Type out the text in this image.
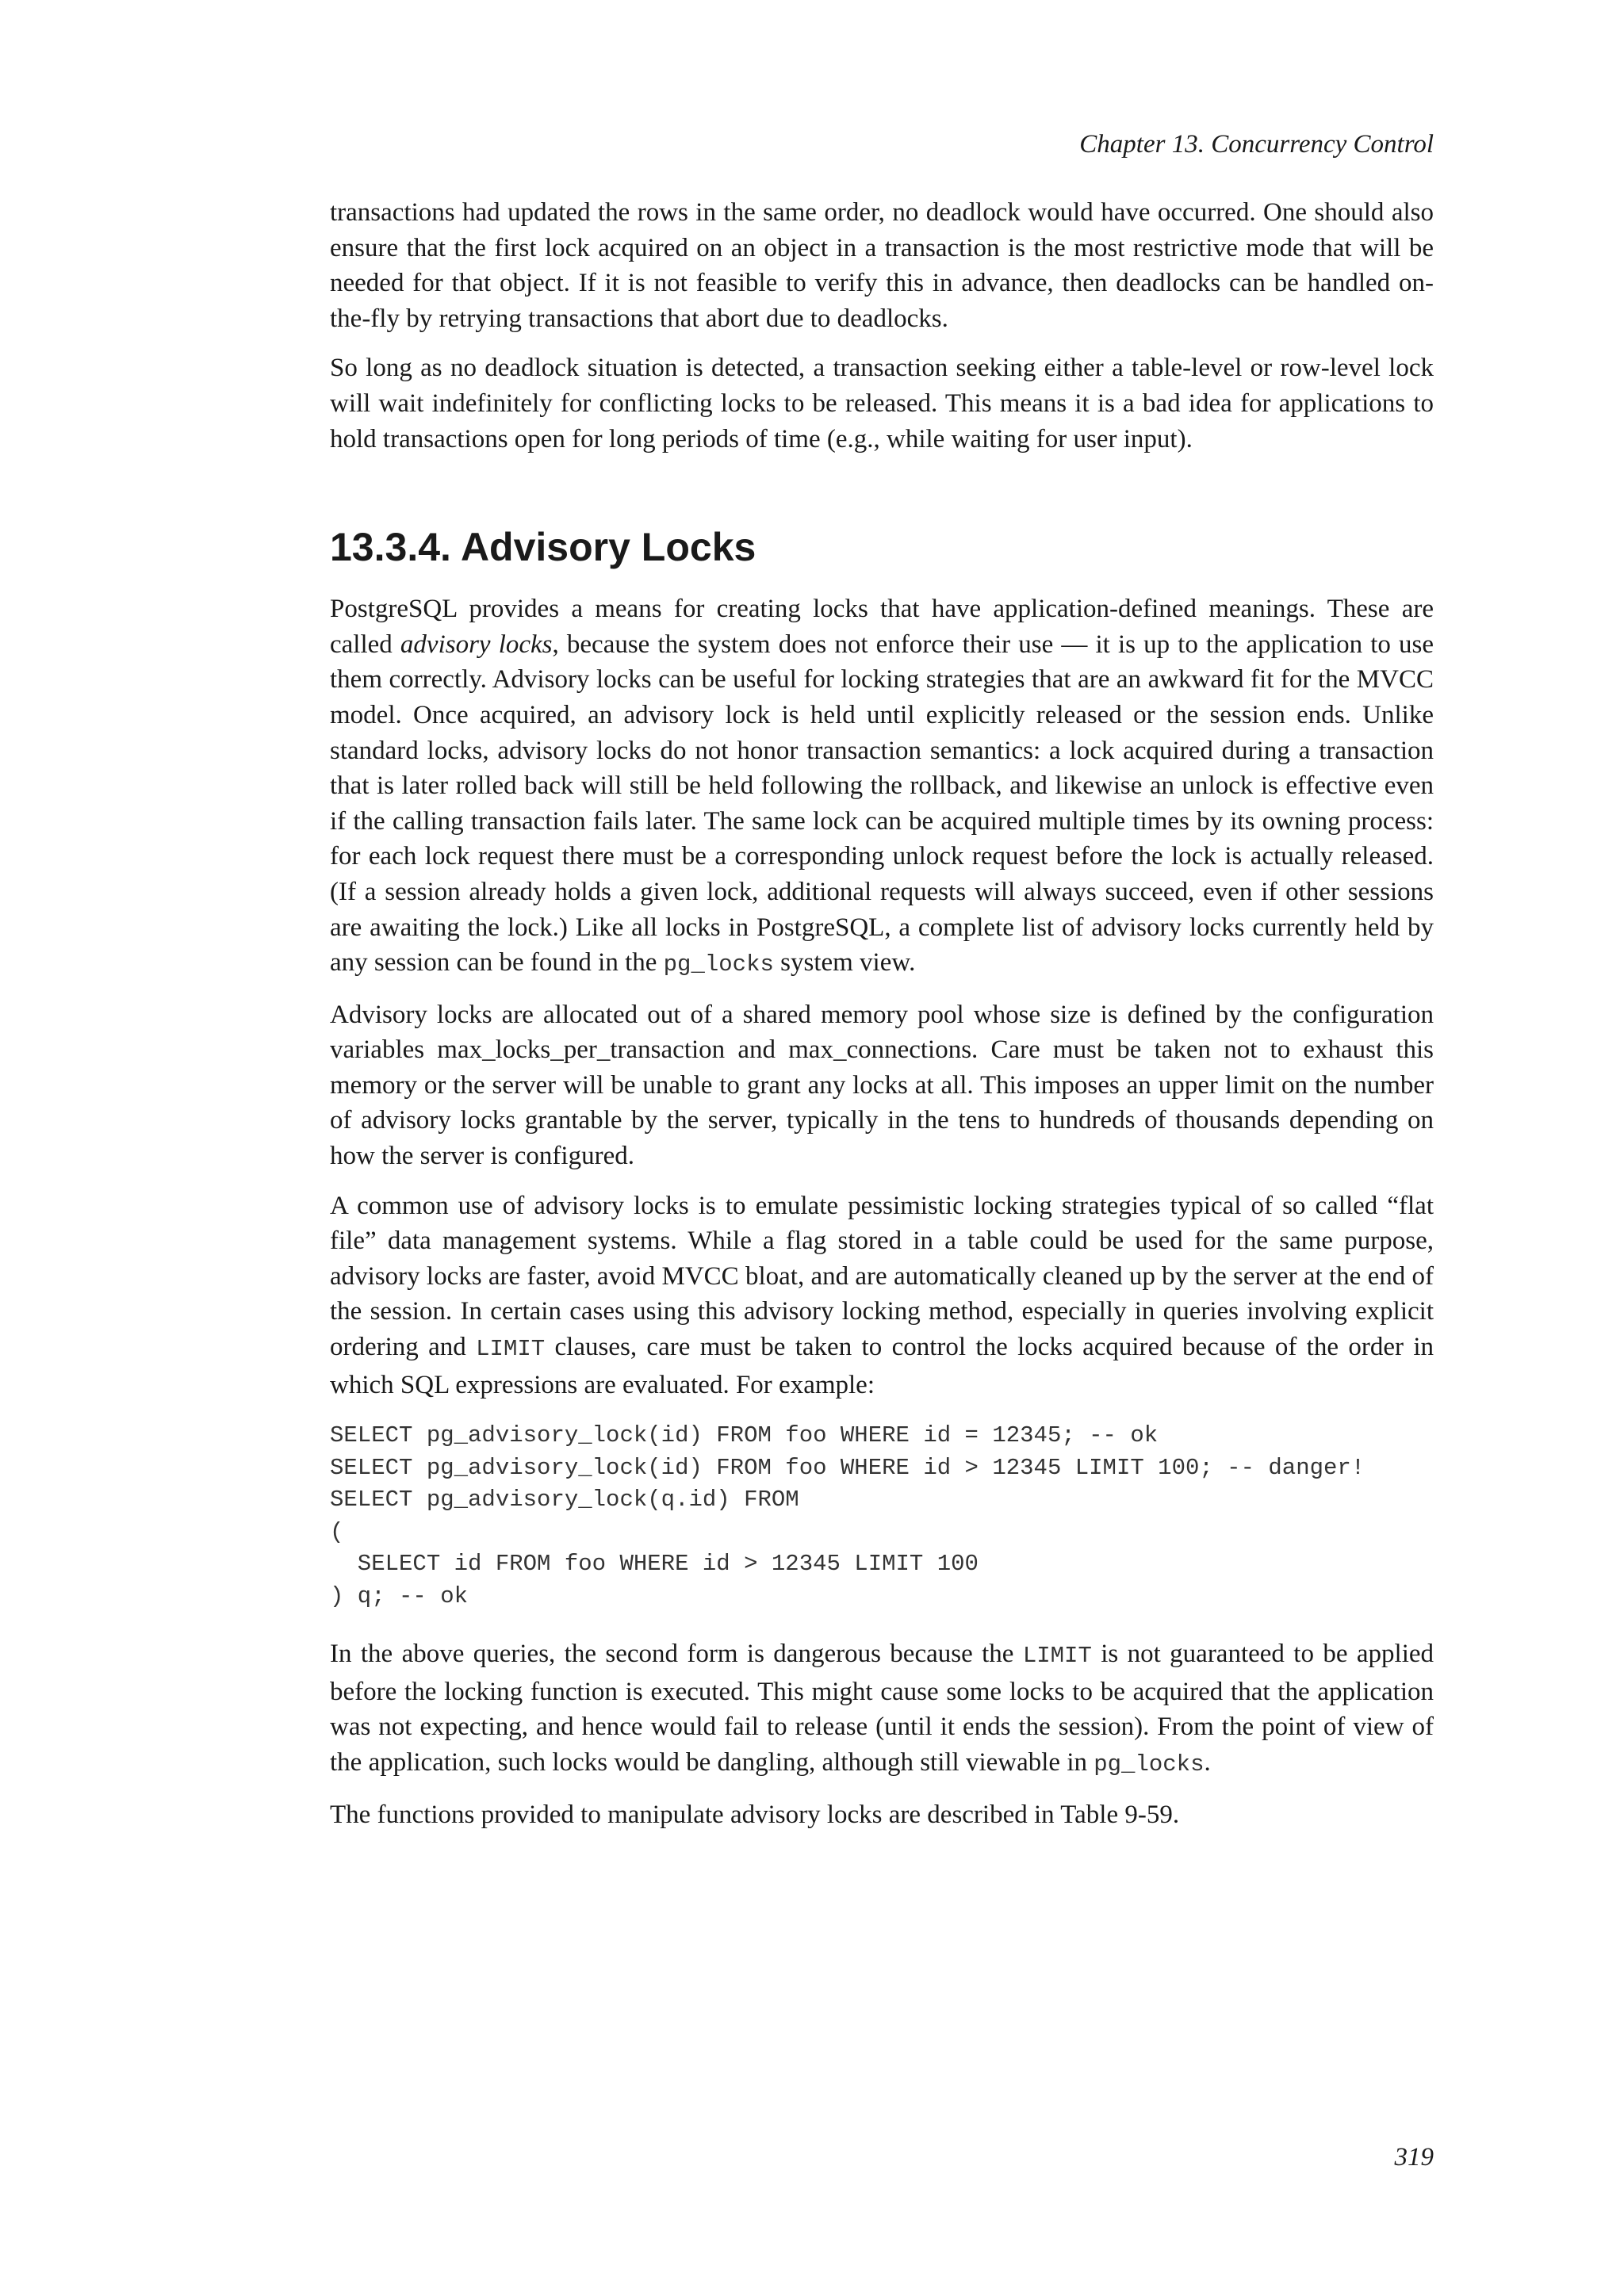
Chapter 13. Concurrency Control

transactions had updated the rows in the same order, no deadlock would have occurred. One should also ensure that the first lock acquired on an object in a transaction is the most restrictive mode that will be needed for that object. If it is not feasible to verify this in advance, then deadlocks can be handled on-the-fly by retrying transactions that abort due to deadlocks.

So long as no deadlock situation is detected, a transaction seeking either a table-level or row-level lock will wait indefinitely for conflicting locks to be released. This means it is a bad idea for applications to hold transactions open for long periods of time (e.g., while waiting for user input).

13.3.4. Advisory Locks

PostgreSQL provides a means for creating locks that have application-defined meanings. These are called advisory locks, because the system does not enforce their use — it is up to the application to use them correctly. Advisory locks can be useful for locking strategies that are an awkward fit for the MVCC model. Once acquired, an advisory lock is held until explicitly released or the session ends. Unlike standard locks, advisory locks do not honor transaction semantics: a lock acquired during a transaction that is later rolled back will still be held following the rollback, and likewise an unlock is effective even if the calling transaction fails later. The same lock can be acquired multiple times by its owning process: for each lock request there must be a corresponding unlock request before the lock is actually released. (If a session already holds a given lock, additional requests will always succeed, even if other sessions are awaiting the lock.) Like all locks in PostgreSQL, a complete list of advisory locks currently held by any session can be found in the pg_locks system view.

Advisory locks are allocated out of a shared memory pool whose size is defined by the configuration variables max_locks_per_transaction and max_connections. Care must be taken not to exhaust this memory or the server will be unable to grant any locks at all. This imposes an upper limit on the number of advisory locks grantable by the server, typically in the tens to hundreds of thousands depending on how the server is configured.

A common use of advisory locks is to emulate pessimistic locking strategies typical of so called “flat file” data management systems. While a flag stored in a table could be used for the same purpose, advisory locks are faster, avoid MVCC bloat, and are automatically cleaned up by the server at the end of the session. In certain cases using this advisory locking method, especially in queries involving explicit ordering and LIMIT clauses, care must be taken to control the locks acquired because of the order in which SQL expressions are evaluated. For example:

SELECT pg_advisory_lock(id) FROM foo WHERE id = 12345; -- ok
SELECT pg_advisory_lock(id) FROM foo WHERE id > 12345 LIMIT 100; -- danger!
SELECT pg_advisory_lock(q.id) FROM
(
SELECT id FROM foo WHERE id > 12345 LIMIT 100
) q; -- ok

In the above queries, the second form is dangerous because the LIMIT is not guaranteed to be applied before the locking function is executed. This might cause some locks to be acquired that the application was not expecting, and hence would fail to release (until it ends the session). From the point of view of the application, such locks would be dangling, although still viewable in pg_locks.

The functions provided to manipulate advisory locks are described in Table 9-59.

319
